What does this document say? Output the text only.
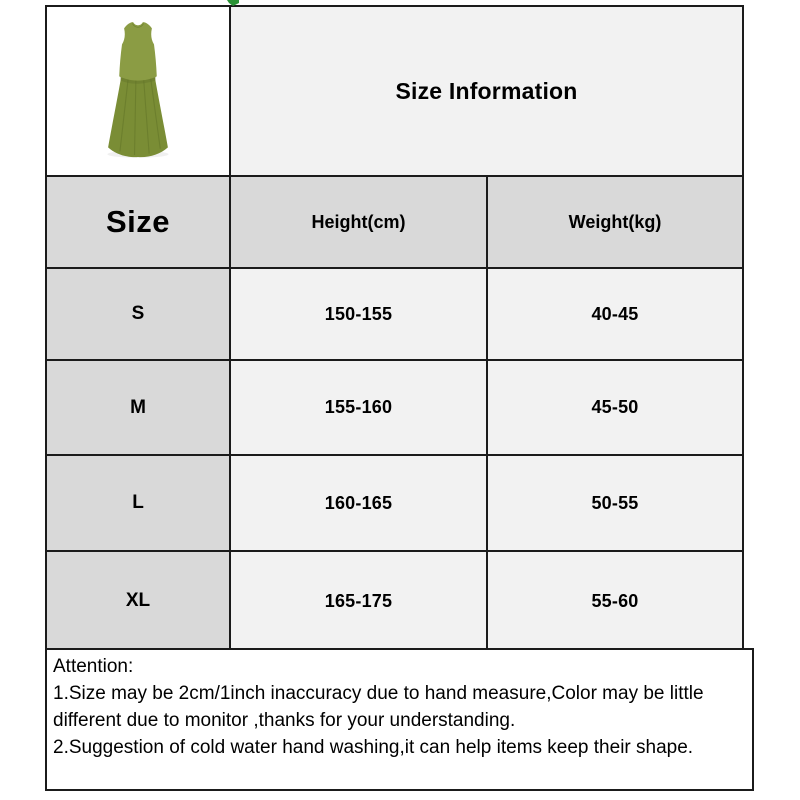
Size Information
Size	Height(cm)	Weight(kg)
S	150-155	40-45
M	155-160	45-50
L	160-165	50-55
XL	165-175	55-60
Attention:
1.Size may be 2cm/1inch inaccuracy due to hand measure,Color may be little different due to monitor ,thanks for your understanding.
2.Suggestion of cold water hand washing,it can help items keep their shape.
